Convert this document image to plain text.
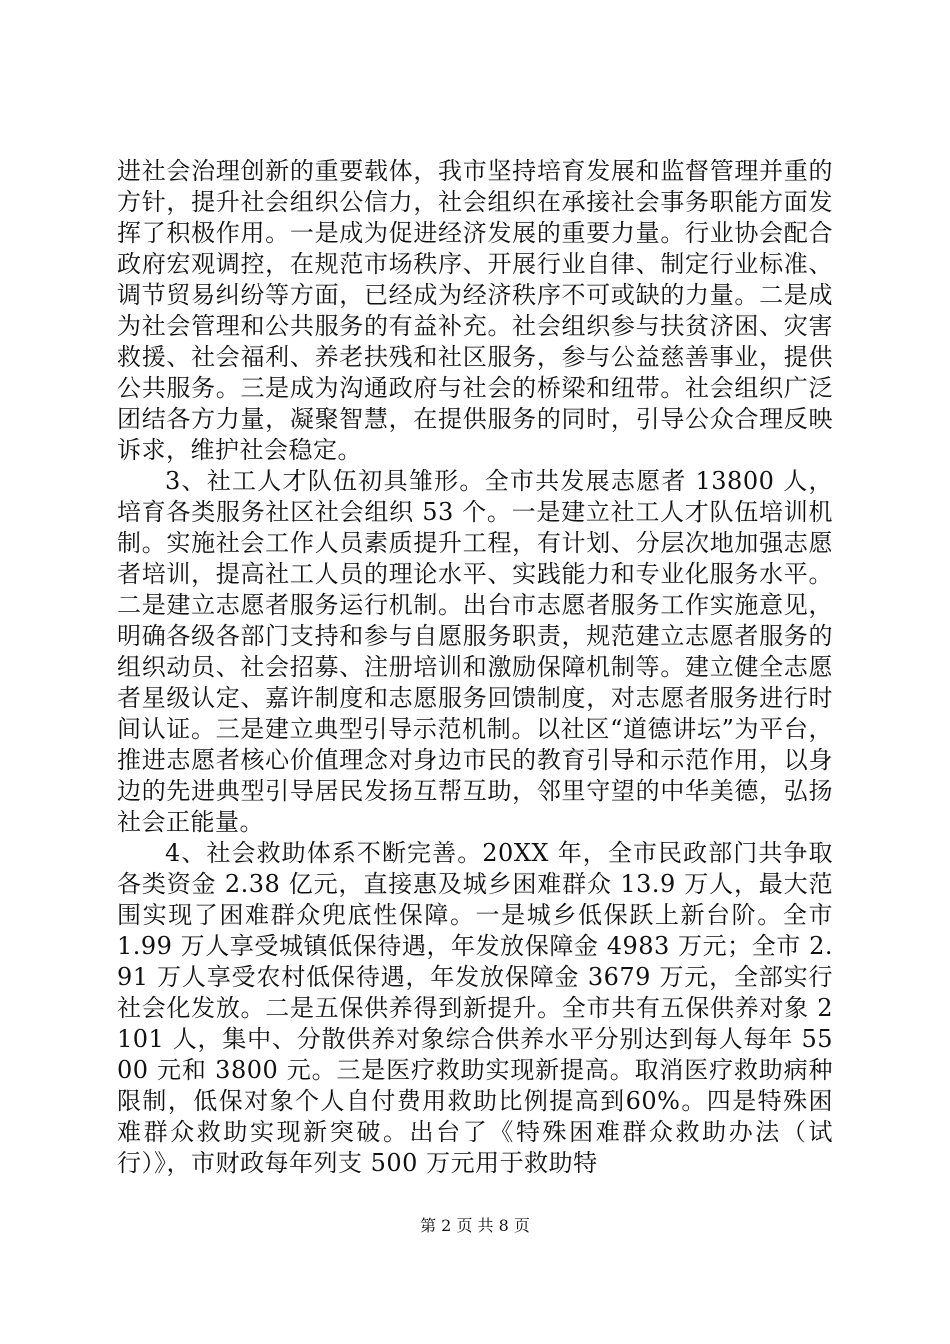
进社会治理创新的重要载体，我市坚持培育发展和监督管理并重的方针，提升社会组织公信力，社会组织在承接社会事务职能方面发挥了积极作用。一是成为促进经济发展的重要力量。行业协会配合政府宏观调控，在规范市场秩序、开展行业自律、制定行业标准、调节贸易纠纷等方面，已经成为经济秩序不可或缺的力量。二是成为社会管理和公共服务的有益补充。社会组织参与扶贫济困、灾害救援、社会福利、养老扶残和社区服务，参与公益慈善事业，提供公共服务。三是成为沟通政府与社会的桥梁和纽带。社会组织广泛团结各方力量，凝聚智慧，在提供服务的同时，引导公众合理反映诉求，维护社会稳定。

3、社工人才队伍初具雏形。全市共发展志愿者 13800 人，培育各类服务社区社会组织 53 个。一是建立社工人才队伍培训机制。实施社会工作人员素质提升工程，有计划、分层次地加强志愿者培训，提高社工人员的理论水平、实践能力和专业化服务水平。二是建立志愿者服务运行机制。出台市志愿者服务工作实施意见，明确各级各部门支持和参与自愿服务职责，规范建立志愿者服务的组织动员、社会招募、注册培训和激励保障机制等。建立健全志愿者星级认定、嘉许制度和志愿服务回馈制度，对志愿者服务进行时间认证。三是建立典型引导示范机制。以社区“道德讲坛”为平台，推进志愿者核心价值理念对身边市民的教育引导和示范作用，以身边的先进典型引导居民发扬互帮互助，邻里守望的中华美德，弘扬社会正能量。

4、社会救助体系不断完善。20XX 年，全市民政部门共争取各类资金 2.38 亿元，直接惠及城乡困难群众 13.9 万人，最大范围实现了困难群众兜底性保障。一是城乡低保跃上新台阶。全市 1.99 万人享受城镇低保待遇，年发放保障金 4983 万元；全市 2.91 万人享受农村低保待遇，年发放保障金 3679 万元，全部实行社会化发放。二是五保供养得到新提升。全市共有五保供养对象 2101 人，集中、分散供养对象综合供养水平分别达到每人每年 5500 元和 3800 元。三是医疗救助实现新提高。取消医疗救助病种限制，低保对象个人自付费用救助比例提高到60%。四是特殊困难群众救助实现新突破。出台了《特殊困难群众救助办法（试行）》，市财政每年列支 500 万元用于救助特

第 2 页 共 8 页
